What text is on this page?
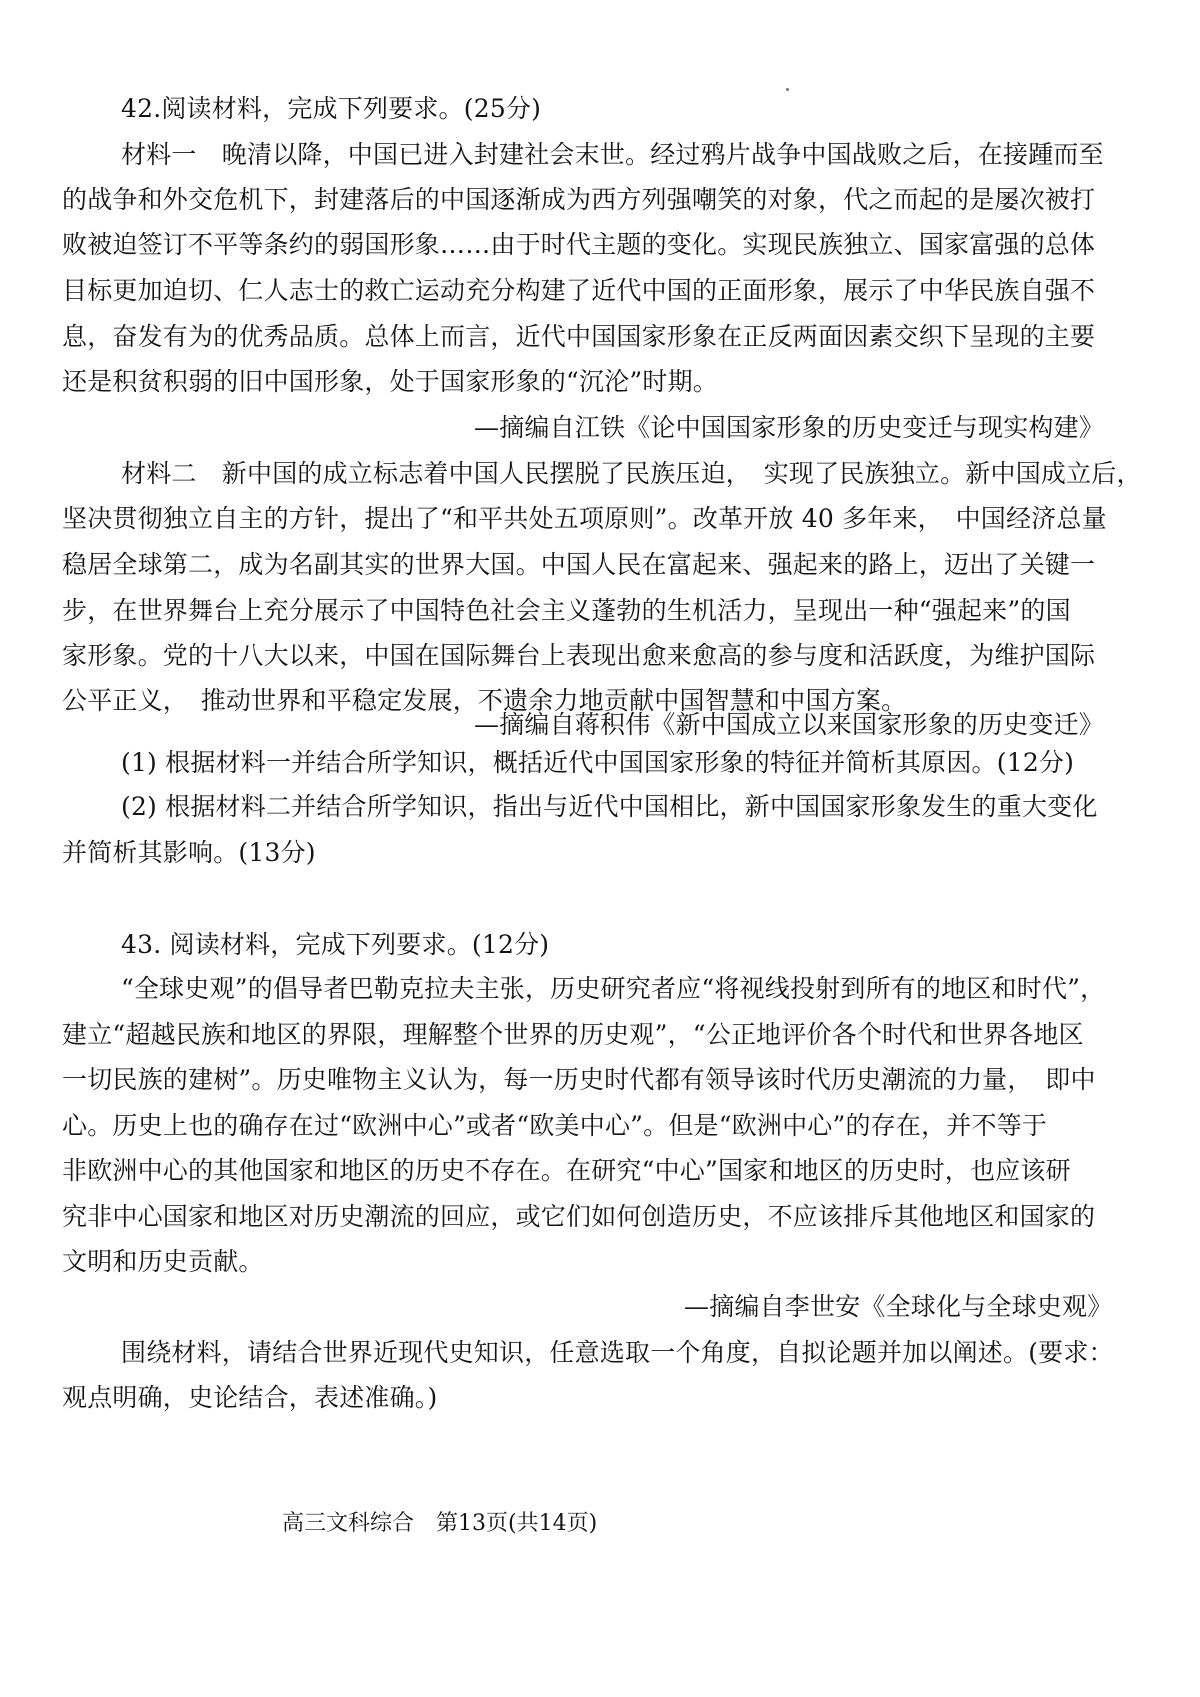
42.阅读材料，完成下列要求。(25分)
材料一　晚清以降，中国已进入封建社会末世。经过鸦片战争中国战败之后，在接踵而至
的战争和外交危机下，封建落后的中国逐渐成为西方列强嘲笑的对象，代之而起的是屡次被打
败被迫签订不平等条约的弱国形象……由于时代主题的变化。实现民族独立、国家富强的总体
目标更加迫切、仁人志士的救亡运动充分构建了近代中国的正面形象，展示了中华民族自强不
息，奋发有为的优秀品质。总体上而言，近代中国国家形象在正反两面因素交织下呈现的主要
还是积贫积弱的旧中国形象，处于国家形象的“沉沦”时期。
—摘编自江铁《论中国国家形象的历史变迁与现实构建》
材料二　新中国的成立标志着中国人民摆脱了民族压迫，　实现了民族独立。新中国成立后，
坚决贯彻独立自主的方针，提出了“和平共处五项原则”。改革开放 40 多年来，　中国经济总量
稳居全球第二，成为名副其实的世界大国。中国人民在富起来、强起来的路上，迈出了关键一
步，在世界舞台上充分展示了中国特色社会主义蓬勃的生机活力，呈现出一种“强起来”的国
家形象。党的十八大以来，中国在国际舞台上表现出愈来愈高的参与度和活跃度，为维护国际
公平正义，　推动世界和平稳定发展，不遗余力地贡献中国智慧和中国方案。
—摘编自蒋积伟《新中国成立以来国家形象的历史变迁》
(1) 根据材料一并结合所学知识，概括近代中国国家形象的特征并简析其原因。(12分)
(2) 根据材料二并结合所学知识，指出与近代中国相比，新中国国家形象发生的重大变化
并简析其影响。(13分)
43. 阅读材料，完成下列要求。(12分)
“全球史观”的倡导者巴勒克拉夫主张，历史研究者应“将视线投射到所有的地区和时代”，
建立“超越民族和地区的界限，理解整个世界的历史观”，“公正地评价各个时代和世界各地区
一切民族的建树”。历史唯物主义认为，每一历史时代都有领导该时代历史潮流的力量，　即中
心。历史上也的确存在过“欧洲中心”或者“欧美中心”。但是“欧洲中心”的存在，并不等于
非欧洲中心的其他国家和地区的历史不存在。在研究“中心”国家和地区的历史时，也应该研
究非中心国家和地区对历史潮流的回应，或它们如何创造历史，不应该排斥其他地区和国家的
文明和历史贡献。
—摘编自李世安《全球化与全球史观》
围绕材料，请结合世界近现代史知识，任意选取一个角度，自拟论题并加以阐述。(要求：
观点明确，史论结合，表述准确。)
高三文科综合　第13页(共14页)
